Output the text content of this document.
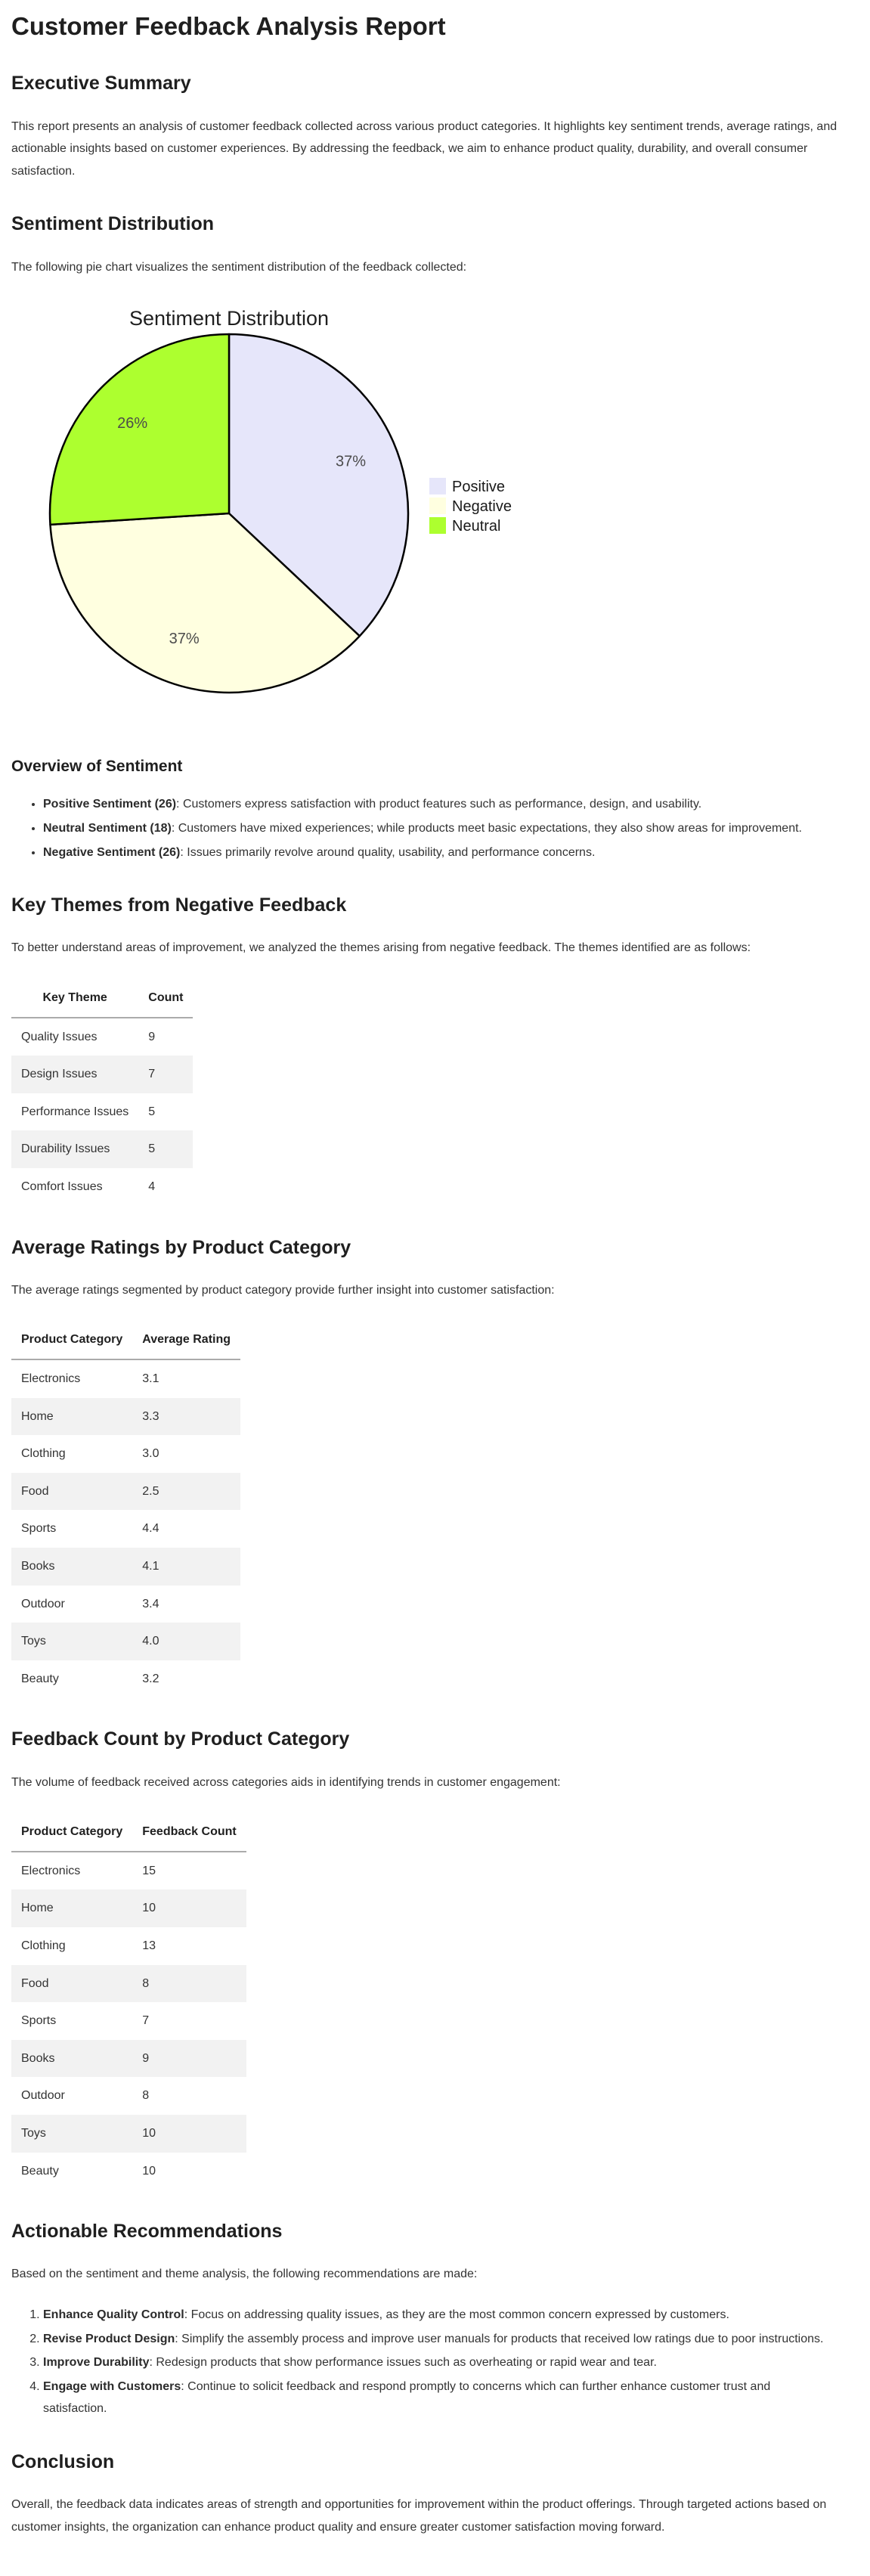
Customer Feedback Analysis Report
Executive Summary

This report presents an analysis of customer feedback collected across various product categories. It highlights key sentiment trends, average ratings, and actionable insights based on customer experiences. By addressing the feedback, we aim to enhance product quality, durability, and overall consumer satisfaction.

Sentiment Distribution

The following pie chart visualizes the sentiment distribution of the feedback collected:

Sentiment Distribution
37%
37%
26%
Positive
Negative
Neutral
Overview of Sentiment
• Positive Sentiment (26): Customers express satisfaction with product features such as performance, design, and usability.
• Neutral Sentiment (18): Customers have mixed experiences; while products meet basic expectations, they also show areas for improvement.
• Negative Sentiment (26): Issues primarily revolve around quality, usability, and performance concerns.
Key Themes from Negative Feedback

To better understand areas of improvement, we analyzed the themes arising from negative feedback. The themes identified are as follows:

Key Theme	Count
Quality Issues	9
Design Issues	7
Performance Issues	5
Durability Issues	5
Comfort Issues	4
Average Ratings by Product Category

The average ratings segmented by product category provide further insight into customer satisfaction:

Product Category	Average Rating
Electronics	3.1
Home	3.3
Clothing	3.0
Food	2.5
Sports	4.4
Books	4.1
Outdoor	3.4
Toys	4.0
Beauty	3.2
Feedback Count by Product Category

The volume of feedback received across categories aids in identifying trends in customer engagement:

Product Category	Feedback Count
Electronics	15
Home	10
Clothing	13
Food	8
Sports	7
Books	9
Outdoor	8
Toys	10
Beauty	10
Actionable Recommendations

Based on the sentiment and theme analysis, the following recommendations are made:

1. Enhance Quality Control: Focus on addressing quality issues, as they are the most common concern expressed by customers.
2. Revise Product Design: Simplify the assembly process and improve user manuals for products that received low ratings due to poor instructions.
3. Improve Durability: Redesign products that show performance issues such as overheating or rapid wear and tear.
4. Engage with Customers: Continue to solicit feedback and respond promptly to concerns which can further enhance customer trust and satisfaction.
Conclusion

Overall, the feedback data indicates areas of strength and opportunities for improvement within the product offerings. Through targeted actions based on customer insights, the organization can enhance product quality and ensure greater customer satisfaction moving forward.
